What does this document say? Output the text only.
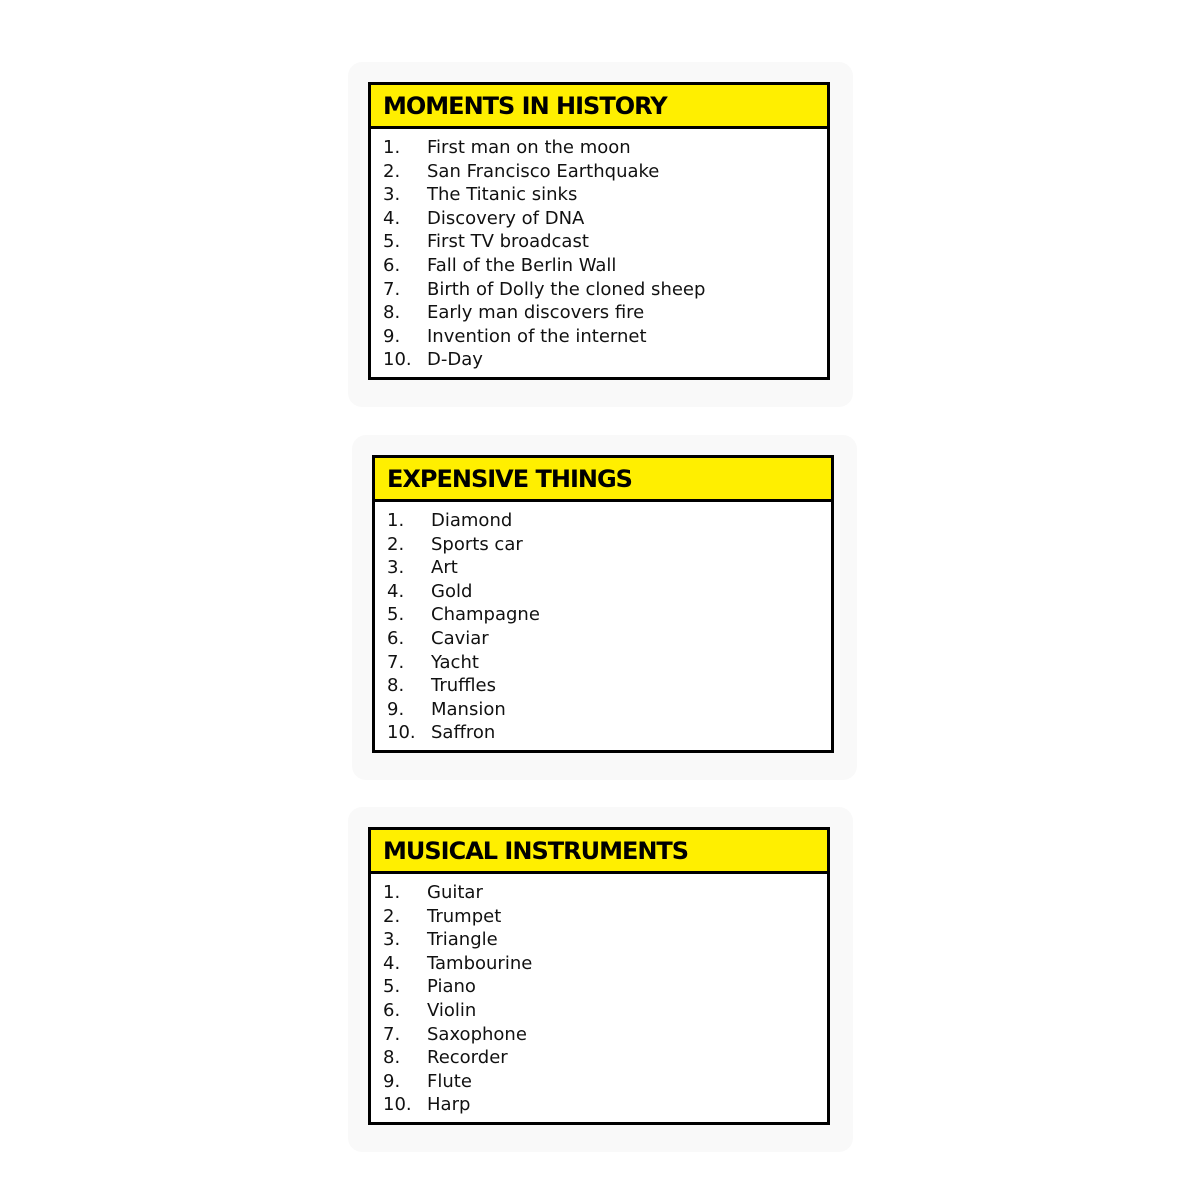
MOMENTS IN HISTORY
1.	First man on the moon
2.	San Francisco Earthquake
3.	The Titanic sinks
4.	Discovery of DNA
5.	First TV broadcast
6.	Fall of the Berlin Wall
7.	Birth of Dolly the cloned sheep
8.	Early man discovers fire
9.	Invention of the internet
10. D-Day
EXPENSIVE THINGS
1.	Diamond
2.	Sports car
3.	Art
4.	Gold
5.	Champagne
6.	Caviar
7.	Yacht
8.	Truffles
9.	Mansion
10. Saffron
MUSICAL INSTRUMENTS
1.	Guitar
2.	Trumpet
3.	Triangle
4.	Tambourine
5.	Piano
6.	Violin
7.	Saxophone
8.	Recorder
9.	Flute
10. Harp
